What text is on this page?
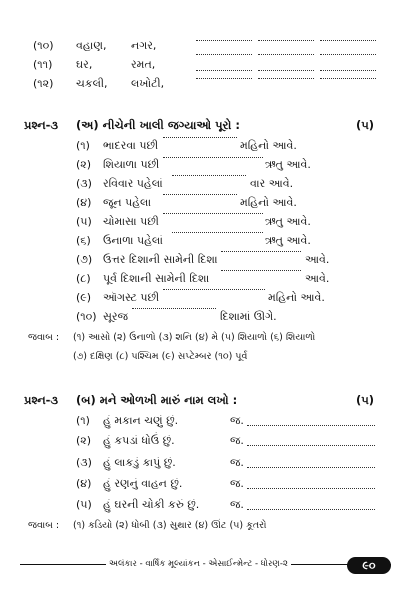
(૧૦) વહાણ, નગર,
(૧૧) ઘર,	રમત,
(૧૨) ચકલી, લખોટી,
પ્રશ્ન-૩ (અ) નીચેની ખાલી જગ્યાઓ પૂરો :	(૫)
(૧) ભાદરવા પછી	મહિનો આવે.
(૨) શિયાળા પછી	ઋતુ આવે.
(૩) રવિવાર પહેલાં	વાર આવે.
(૪) જૂન પહેલા	મહિનો આવે.
(૫) ચોમાસા પછી	ઋતુ આવે.
(૬) ઉનાળા પહેલાં	ઋતુ આવે.
(૭) ઉત્તર દિશાની સામેની દિશા	આવે.
(૮) પૂર્વ દિશાની સામેની દિશા	આવે.
(૯) ઑગસ્ટ પછી	મહિનો આવે.
(૧૦) સૂરજ	દિશામાં ઊગે.
જવાબ : (૧) આસો (૨) ઉનાળો (૩) શનિ (૪) મે (૫) શિયાળો (૬) શિયાળો
(૭) દક્ષિણ (૮) પશ્ચિમ (૯) સપ્ટેમ્બર (૧૦) પૂર્વ
પ્રશ્ન-૩ (બ) મને ઓળખી મારું નામ લખો :	(૫)
(૧) હું મકાન ચણું છું.	જ.
(૨) હું કપડાં ધોઉં છું.	જ.
(૩) હું લાકડું કાપું છું.	જ.
(૪) હું રણનું વાહન છું.	જ.
(૫) હું ઘરની ચોકી કરું છું.	જ.
જવાબ : (૧) કડિયો (૨) ધોબી (૩) સુથાર (૪) ઊંટ (૫) કૂતરો
અલંકાર - વાર્ષિક મૂલ્યાંકન - એસાઈન્મેન્ટ - ધોરણ-૨	૯૦
